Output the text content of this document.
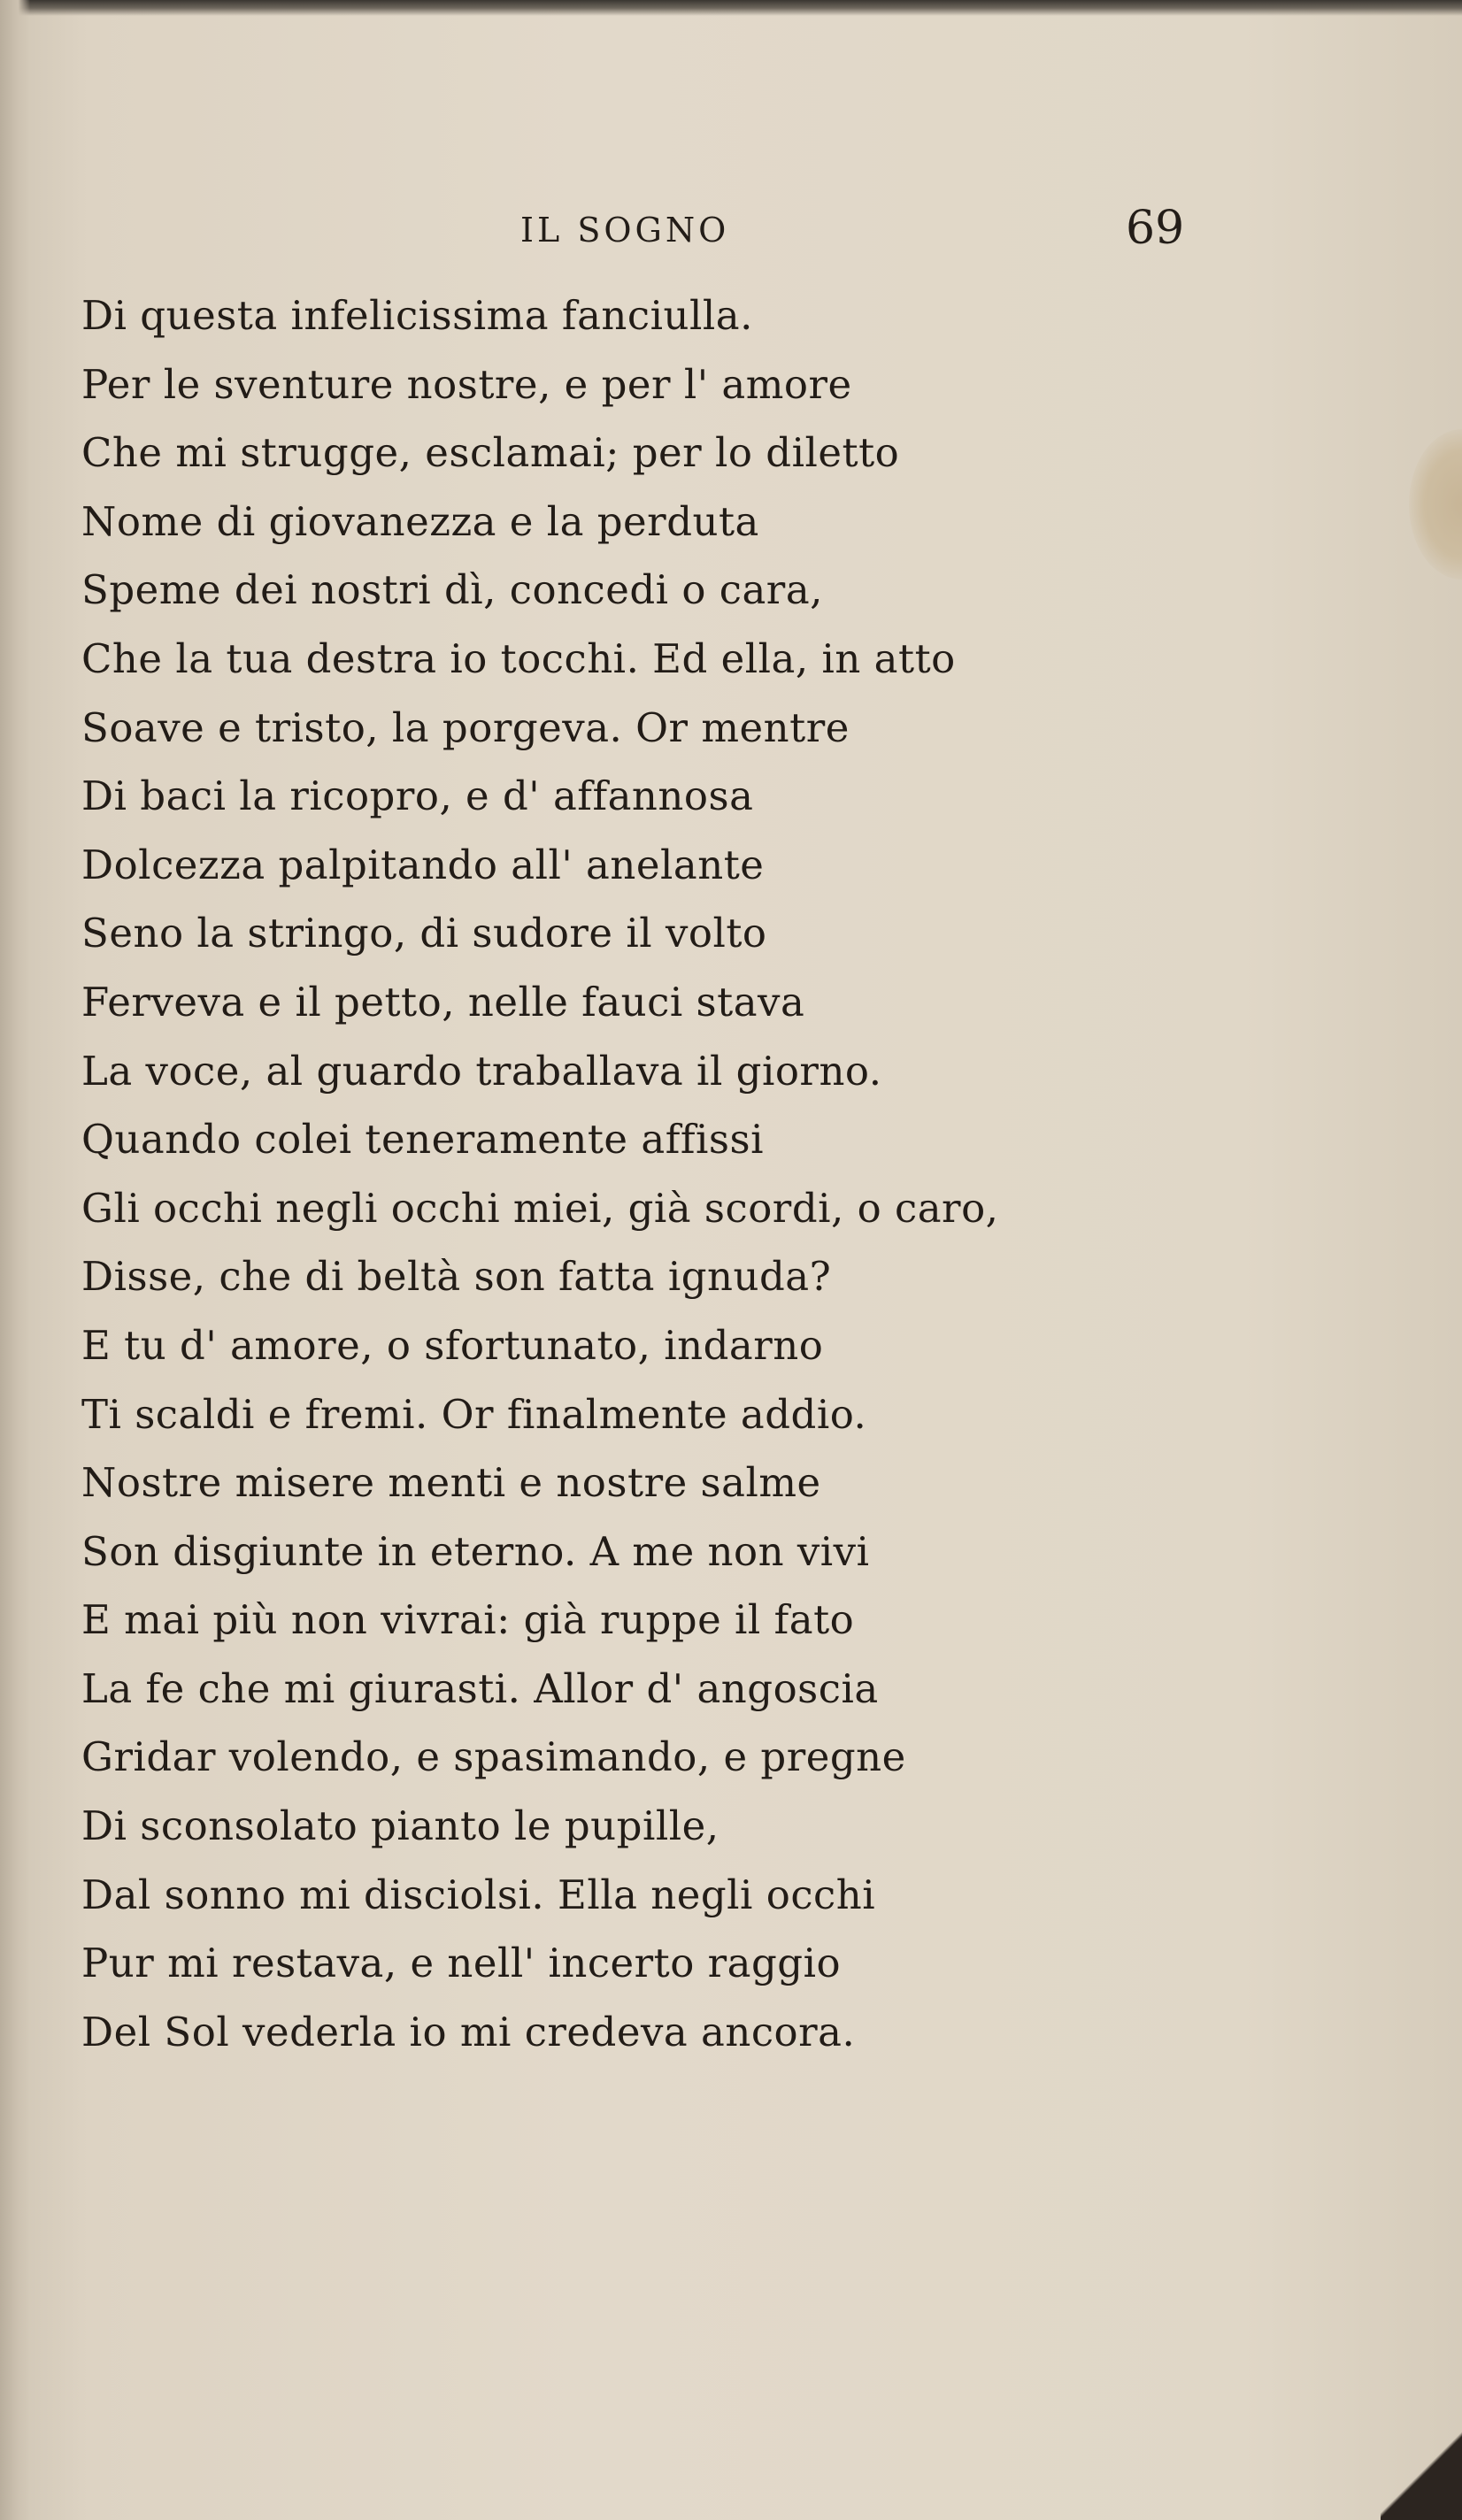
IL SOGNO	69
Di questa infelicissima fanciulla.
Per le sventure nostre, e per l' amore
Che mi strugge, esclamai; per lo diletto
Nome di giovanezza e la perduta
Speme dei nostri dì, concedi o cara,
Che la tua destra io tocchi. Ed ella, in atto
Soave e tristo, la porgeva. Or mentre
Di baci la ricopro, e d' affannosa
Dolcezza palpitando all' anelante
Seno la stringo, di sudore il volto
Ferveva e il petto, nelle fauci stava
La voce, al guardo traballava il giorno.
Quando colei teneramente affissi
Gli occhi negli occhi miei, già scordi, o caro,
Disse, che di beltà son fatta ignuda?
E tu d' amore, o sfortunato, indarno
Ti scaldi e fremi. Or finalmente addio.
Nostre misere menti e nostre salme
Son disgiunte in eterno. A me non vivi
E mai più non vivrai: già ruppe il fato
La fe che mi giurasti. Allor d' angoscia
Gridar volendo, e spasimando, e pregne
Di sconsolato pianto le pupille,
Dal sonno mi disciolsi. Ella negli occhi
Pur mi restava, e nell' incerto raggio
Del Sol vederla io mi credeva ancora.
